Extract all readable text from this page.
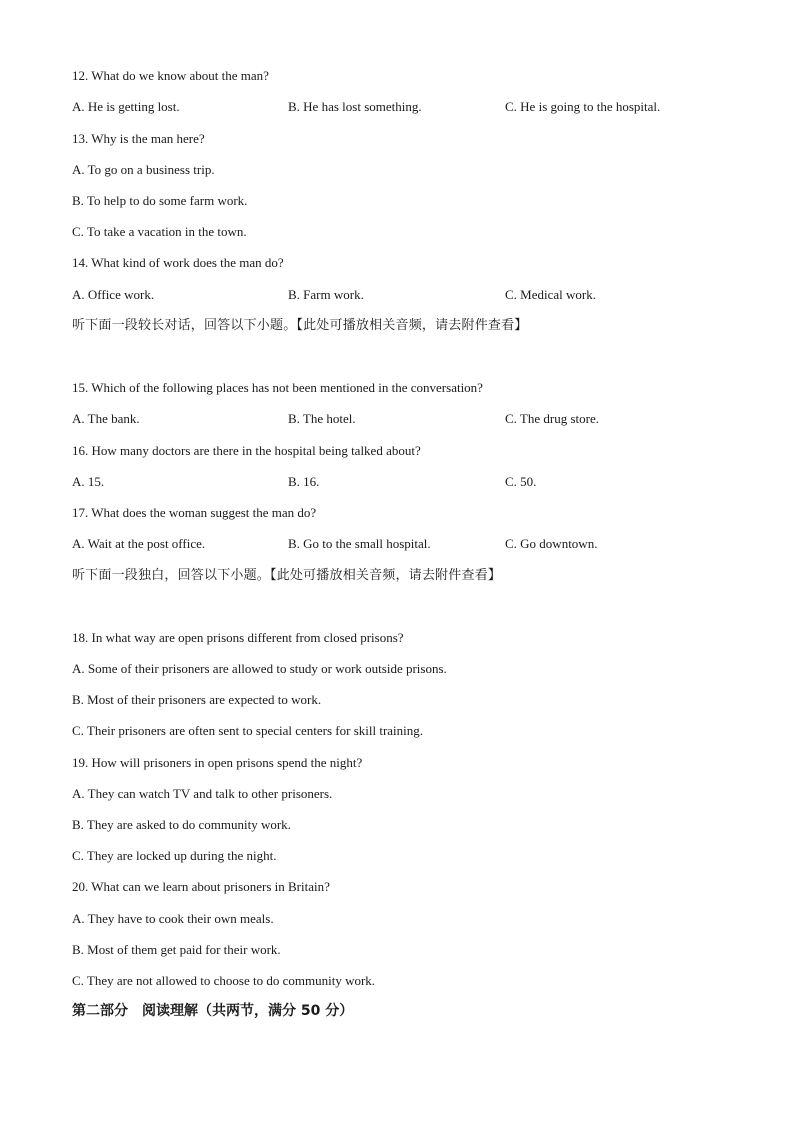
12. What do we know about the man?
A. He is getting lost.	B. He has lost something.	C. He is going to the hospital.
13. Why is the man here?
A. To go on a business trip.
B. To help to do some farm work.
C. To take a vacation in the town.
14. What kind of work does the man do?
A. Office work.	B. Farm work.	C. Medical work.
听下面一段较长对话，回答以下小题。【此处可播放相关音频，请去附件查看】
15. Which of the following places has not been mentioned in the conversation?
A. The bank.	B. The hotel.	C. The drug store.
16. How many doctors are there in the hospital being talked about?
A. 15.	B. 16.	C. 50.
17. What does the woman suggest the man do?
A. Wait at the post office.	B. Go to the small hospital.	C. Go downtown.
听下面一段独白，回答以下小题。【此处可播放相关音频，请去附件查看】
18. In what way are open prisons different from closed prisons?
A. Some of their prisoners are allowed to study or work outside prisons.
B. Most of their prisoners are expected to work.
C. Their prisoners are often sent to special centers for skill training.
19. How will prisoners in open prisons spend the night?
A. They can watch TV and talk to other prisoners.
B. They are asked to do community work.
C. They are locked up during the night.
20. What can we learn about prisoners in Britain?
A. They have to cook their own meals.
B. Most of them get paid for their work.
C. They are not allowed to choose to do community work.
第二部分　阅读理解（共两节，满分 50 分）
